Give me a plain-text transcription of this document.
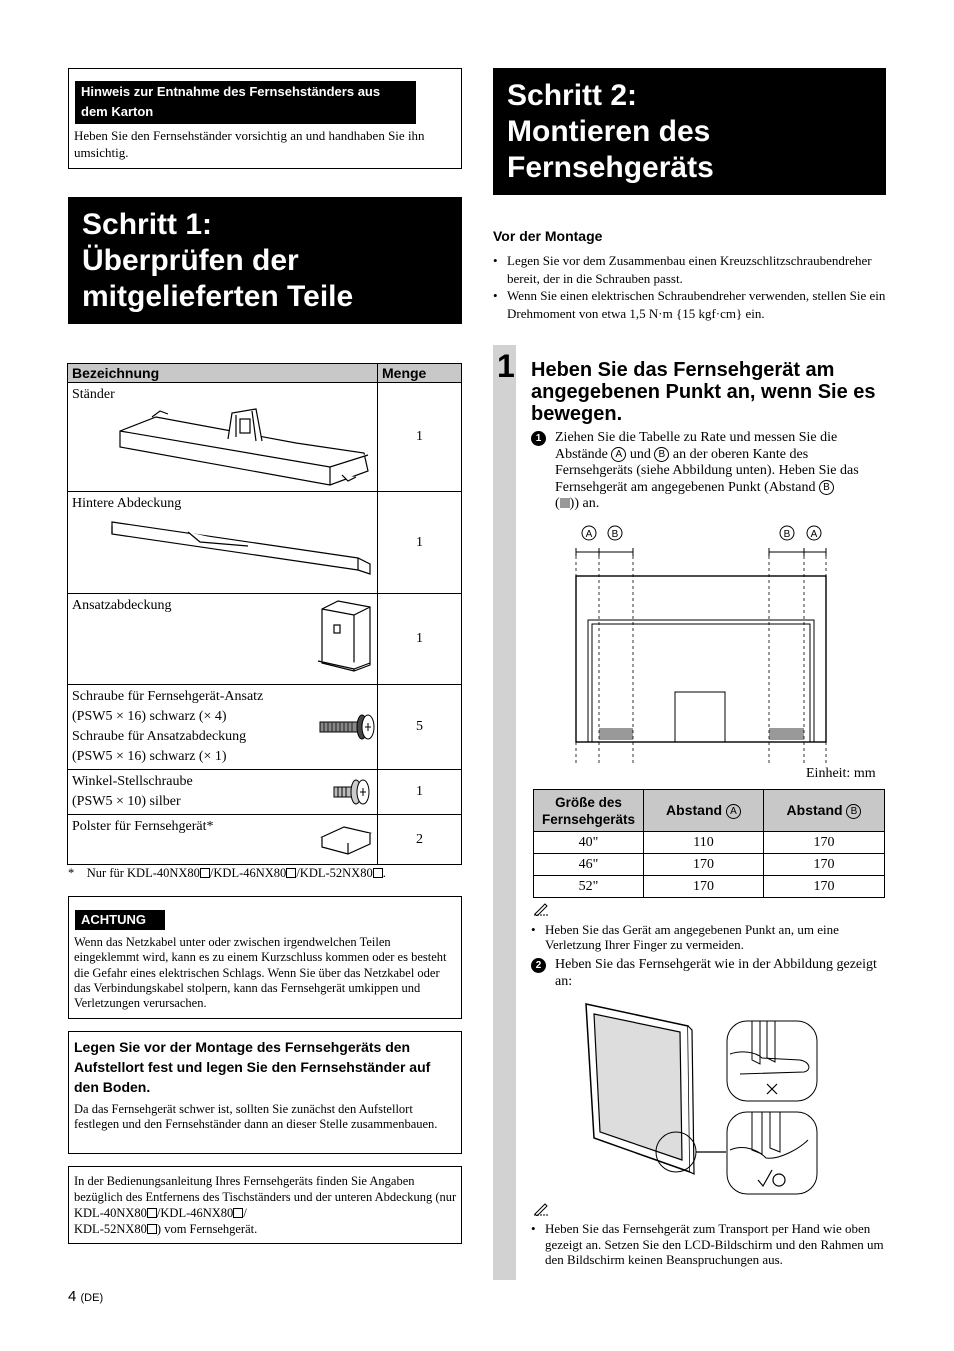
Hinweis zur Entnahme des Fernsehständers aus dem Karton
Heben Sie den Fernsehständer vorsichtig an und handhaben Sie ihn umsichtig.
Schritt 1:
Überprüfen der
mitgelieferten Teile
Bezeichnung	Menge
Ständer	1
Hintere Abdeckung	1
Ansatzabdeckung	1

Schraube für Fernsehgerät-Ansatz
(PSW5 × 16) schwarz (× 4)
Schraube für Ansatzabdeckung
(PSW5 × 16) schwarz (× 1)	5

Winkel-Stellschraube
(PSW5 × 10) silber	1
Polster für Fernsehgerät*	2
* Nur für KDL-40NX80 /KDL-46NX80 /KDL-52NX80 .
ACHTUNG
Wenn das Netzkabel unter oder zwischen irgendwelchen Teilen eingeklemmt wird, kann es zu einem Kurzschluss kommen oder es besteht die Gefahr eines elektrischen Schlags. Wenn Sie über das Netzkabel oder das Verbindungskabel stolpern, kann das Fernsehgerät umkippen und Verletzungen verursachen.
Legen Sie vor der Montage des Fernsehgeräts den Aufstellort fest und legen Sie den Fernsehständer auf den Boden.
Da das Fernsehgerät schwer ist, sollten Sie zunächst den Aufstellort festlegen und den Fernsehständer dann an dieser Stelle zusammenbauen.
In der Bedienungsanleitung Ihres Fernsehgeräts finden Sie Angaben bezüglich des Entfernens des Tischständers und der unteren Abdeckung (nur KDL-40NX80 /KDL-46NX80 /
KDL-52NX80 ) vom Fernsehgerät.
4 (DE)
Schritt 2:
Montieren des
Fernsehgeräts
Vor der Montage
• Legen Sie vor dem Zusammenbau einen Kreuzschlitzschraubendreher bereit, der in die Schrauben passt.
• Wenn Sie einen elektrischen Schraubendreher verwenden, stellen Sie ein Drehmoment von etwa 1,5 N·m {15 kgf·cm} ein.
1 Heben Sie das Fernsehgerät am angegebenen Punkt an, wenn Sie es bewegen.
1 Ziehen Sie die Tabelle zu Rate und messen Sie die Abstände A und B an der oberen Kante des Fernsehgeräts (siehe Abbildung unten). Heben Sie das Fernsehgerät am angegebenen Punkt (Abstand B
( )) an.
A B	B A
Einheit: mm
Größe des
Fernsehgeräts	Abstand A	Abstand B
40"	110	170
46"	170	170
52"	170	170
• Heben Sie das Gerät am angegebenen Punkt an, um eine Verletzung Ihrer Finger zu vermeiden.
2 Heben Sie das Fernsehgerät wie in der Abbildung gezeigt an:
• Heben Sie das Fernsehgerät zum Transport per Hand wie oben gezeigt an. Setzen Sie den LCD-Bildschirm und den Rahmen um den Bildschirm keinen Beanspruchungen aus.
